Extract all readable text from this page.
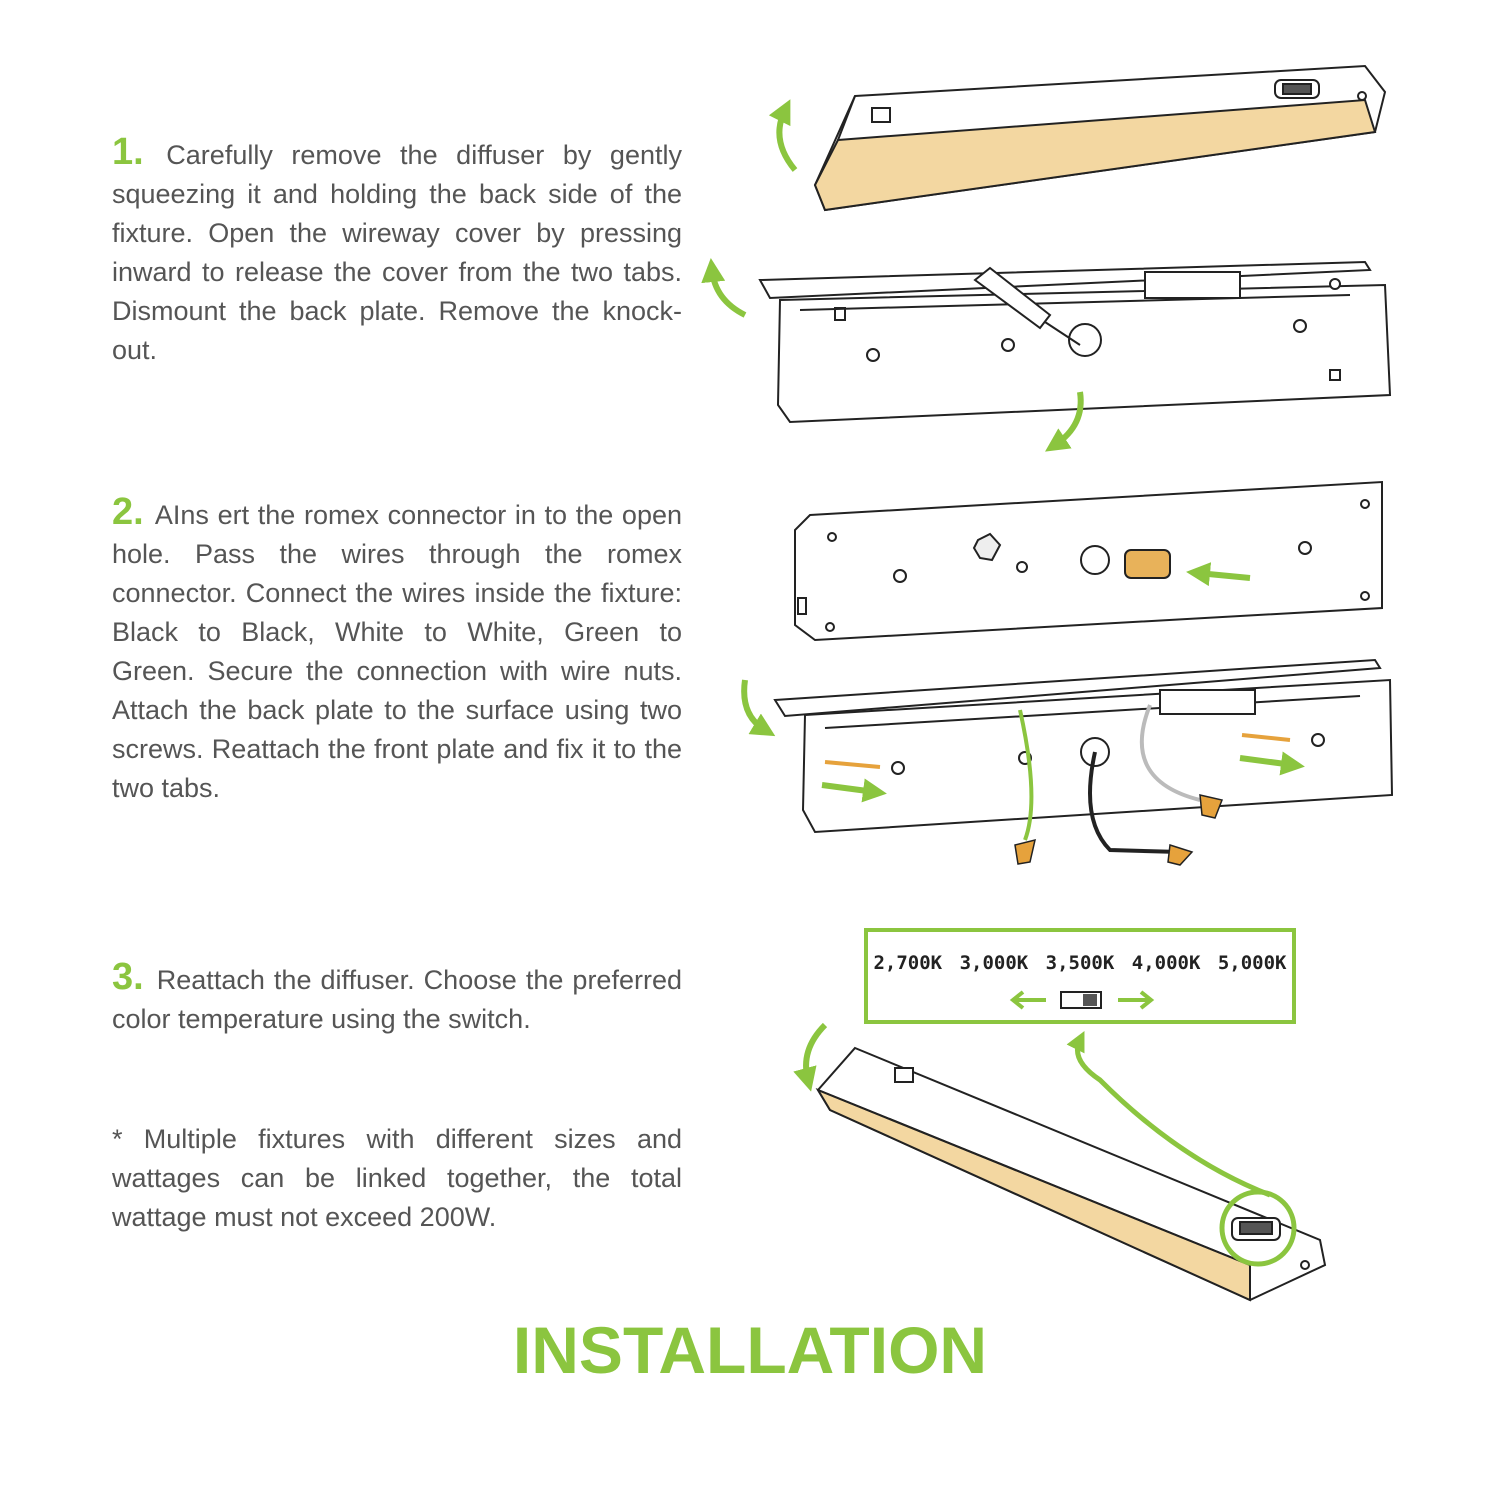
1. Carefully remove the diffuser by gently squeezing it and holding the back side of the fixture. Open the wireway cover by pressing inward to release the cover from the two tabs. Dismount the back plate. Remove the knock-out.
2. AIns ert the romex connector in to the open hole. Pass the wires through the romex connector. Connect the wires inside the fixture: Black to Black, White to White, Green to Green. Secure the connection with wire nuts. Attach the back plate to the surface using two screws. Reattach the front plate and fix it to the two tabs.
3. Reattach the diffuser. Choose the preferred color temperature using the switch.
* Multiple fixtures with different sizes and wattages can be linked together, the total wattage must not exceed 200W.
INSTALLATION
2,700K 3,000K 3,500K 4,000K 5,000K
